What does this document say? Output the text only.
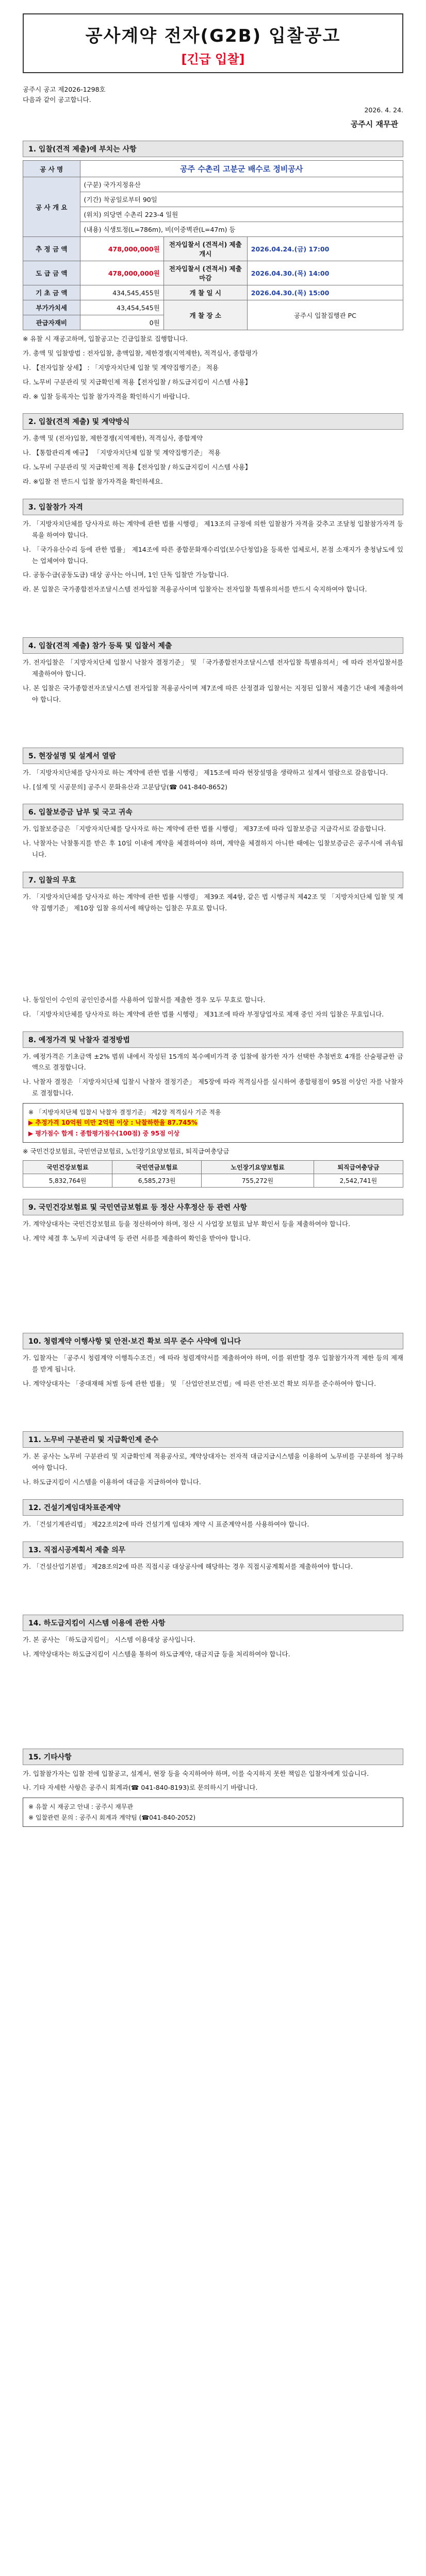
공사계약 전자(G2B) 입찰공고
[긴급 입찰]
공주시 공고 제2026-1298호
다음과 같이 공고합니다.
2026. 4. 24.
공주시 재무관
1. 입찰(견적 제출)에 부치는 사항
공 사 명	공주 수촌리 고분군 배수로 정비공사		
공 사 개 요	(구분) 국가지정유산		
	(기간) 착공일로부터 90일		
	(위치) 의당면 수촌리 223-4 일원		
	(내용) 식생토정(L=786m), 비(이중벽관(L=47m) 등		
추 정 금 액	478,000,000원	전자입찰서 (견적서) 제출 개시	2026.04.24.(금) 17:00
도 급 금 액	478,000,000원	전자입찰서 (견적서) 제출 마감	2026.04.30.(목) 14:00
기 초 금 액	434,545,455원	개 찰 일 시	2026.04.30.(목) 15:00
부가가치세	43,454,545원	개 찰 장 소	공주시 입찰집행관 PC
관급자재비	0원		
※ 유찰 시 재공고하며, 입찰공고는 긴급입찰로 집행합니다.
가. 총액 및 입찰방법 : 전자입찰, 총액입찰, 제한경쟁(지역제한), 적격심사, 종합평가
나. 【전자입찰 상세】 : 「지방자치단체 입찰 및 계약집행기준」 적용
다. 노무비 구분관리 및 지급확인제 적용【전자입찰 / 하도급지킴이 시스템 사용】
라. ※ 입찰 등록자는 입찰 참가자격을 확인하시기 바랍니다.
2. 입찰(견적 제출) 및 계약방식
가. 총액 및 (전자)입찰, 제한경쟁(지역제한), 적격심사, 종합계약
나. 【통합관리계 예규】 「지방자치단체 입찰 및 계약집행기준」 적용
다. 노무비 구분관리 및 지급확인제 적용【전자입찰 / 하도급지킴이 시스템 사용】
라. ※입찰 전 반드시 입찰 참가자격을 확인하세요.
3. 입찰참가 자격
가. 「지방자치단체를 당사자로 하는 계약에 관한 법률 시행령」 제13조의 규정에 의한 입찰참가 자격을 갖추고 조달청 입찰참가자격 등록을 하여야 합니다.
나. 「국가유산수리 등에 관한 법률」 제14조에 따른 종합문화재수리업(보수단청업)을 등록한 업체로서, 본점 소재지가 충청남도에 있는 업체여야 합니다.
다. 공동수급(공동도급) 대상 공사는 아니며, 1인 단독 입찰만 가능합니다.
라. 본 입찰은 국가종합전자조달시스템 전자입찰 적용공사이며 입찰자는 전자입찰 특별유의서를 반드시 숙지하여야 합니다.
4. 입찰(견적 제출) 참가 등록 및 입찰서 제출
가. 전자입찰은 「지방자치단체 입찰시 낙찰자 결정기준」 및 「국가종합전자조달시스템 전자입찰 특별유의서」에 따라 전자입찰서를 제출하여야 합니다.
나. 본 입찰은 국가종합전자조달시스템 전자입찰 적용공사이며 제7조에 따른 산정결과 입찰서는 지정된 입찰서 제출기간 내에 제출하여야 합니다.
5. 현장설명 및 설계서 열람
가. 「지방자치단체를 당사자로 하는 계약에 관한 법률 시행령」 제15조에 따라 현장설명을 생략하고 설계서 열람으로 갈음합니다.
나. [설계 및 시공문의] 공주시 문화유산과 고분담당(☎ 041-840-8652)
6. 입찰보증금 납부 및 국고 귀속
가. 입찰보증금은 「지방자치단체를 당사자로 하는 계약에 관한 법률 시행령」 제37조에 따라 입찰보증금 지급각서로 갈음합니다.
나. 낙찰자는 낙찰통지를 받은 후 10일 이내에 계약을 체결하여야 하며, 계약을 체결하지 아니한 때에는 입찰보증금은 공주시에 귀속됩니다.
7. 입찰의 무효
가. 「지방자치단체를 당사자로 하는 계약에 관한 법률 시행령」 제39조 제4항, 같은 법 시행규칙 제42조 및 「지방자치단체 입찰 및 계약 집행기준」 제10장 입찰 유의서에 해당하는 입찰은 무효로 합니다.
나. 동일인이 수인의 공인인증서를 사용하여 입찰서를 제출한 경우 모두 무효로 합니다.
다. 「지방자치단체를 당사자로 하는 계약에 관한 법률 시행령」 제31조에 따라 부정당업자로 제재 중인 자의 입찰은 무효입니다.
8. 예정가격 및 낙찰자 결정방법
가. 예정가격은 기초금액 ±2% 범위 내에서 작성된 15개의 복수예비가격 중 입찰에 참가한 자가 선택한 추첨번호 4개를 산술평균한 금액으로 결정합니다.
나. 낙찰자 결정은 「지방자치단체 입찰시 낙찰자 결정기준」 제5장에 따라 적격심사를 실시하여 종합평점이 95점 이상인 자를 낙찰자로 결정합니다.
※ 「지방자치단체 입찰시 낙찰자 결정기준」 제2장 적격심사 기준 적용
▶ 추정가격 10억원 미만 2억원 이상 : 낙찰하한율 87.745%
▶ 평가점수 합계 : 종합평가점수(100점) 중 95점 이상
※ 국민건강보험료, 국민연금보험료, 노인장기요양보험료, 퇴직급여충당금
국민건강보험료	국민연금보험료	노인장기요양보험료	퇴직급여충당금
5,832,764원	6,585,273원	755,272원	2,542,741원
9. 국민건강보험료 및 국민연금보험료 등 정산 사후정산 등 관련 사항
가. 계약상대자는 국민건강보험료 등을 정산하여야 하며, 정산 시 사업장 보험료 납부 확인서 등을 제출하여야 합니다.
나. 계약 체결 후 노무비 지급내역 등 관련 서류를 제출하여 확인을 받아야 합니다.
10. 청렴계약 이행사항 및 안전·보건 확보 의무 준수 사약에 입니다
가. 입찰자는 「공주시 청렴계약 이행특수조건」에 따라 청렴계약서를 제출하여야 하며, 이를 위반할 경우 입찰참가자격 제한 등의 제재를 받게 됩니다.
나. 계약상대자는 「중대재해 처벌 등에 관한 법률」 및 「산업안전보건법」에 따른 안전·보건 확보 의무를 준수하여야 합니다.
11. 노무비 구분관리 및 지급확인제 준수
가. 본 공사는 노무비 구분관리 및 지급확인제 적용공사로, 계약상대자는 전자적 대금지급시스템을 이용하여 노무비를 구분하여 청구하여야 합니다.
나. 하도급지킴이 시스템을 이용하여 대금을 지급하여야 합니다.
12. 건설기계임대차표준계약
가. 「건설기계관리법」 제22조의2에 따라 건설기계 임대차 계약 시 표준계약서를 사용하여야 합니다.
13. 직접시공계획서 제출 의무
가. 「건설산업기본법」 제28조의2에 따른 직접시공 대상공사에 해당하는 경우 직접시공계획서를 제출하여야 합니다.
14. 하도급지킴이 시스템 이용에 관한 사항
가. 본 공사는 「하도급지킴이」 시스템 이용대상 공사입니다.
나. 계약상대자는 하도급지킴이 시스템을 통하여 하도급계약, 대금지급 등을 처리하여야 합니다.
15. 기타사항
가. 입찰참가자는 입찰 전에 입찰공고, 설계서, 현장 등을 숙지하여야 하며, 이를 숙지하지 못한 책임은 입찰자에게 있습니다.
나. 기타 자세한 사항은 공주시 회계과(☎ 041-840-8193)로 문의하시기 바랍니다.
※ 유찰 시 재공고 안내 : 공주시 재무관
※ 입찰관련 문의 : 공주시 회계과 계약팀 (☎041-840-2052)
